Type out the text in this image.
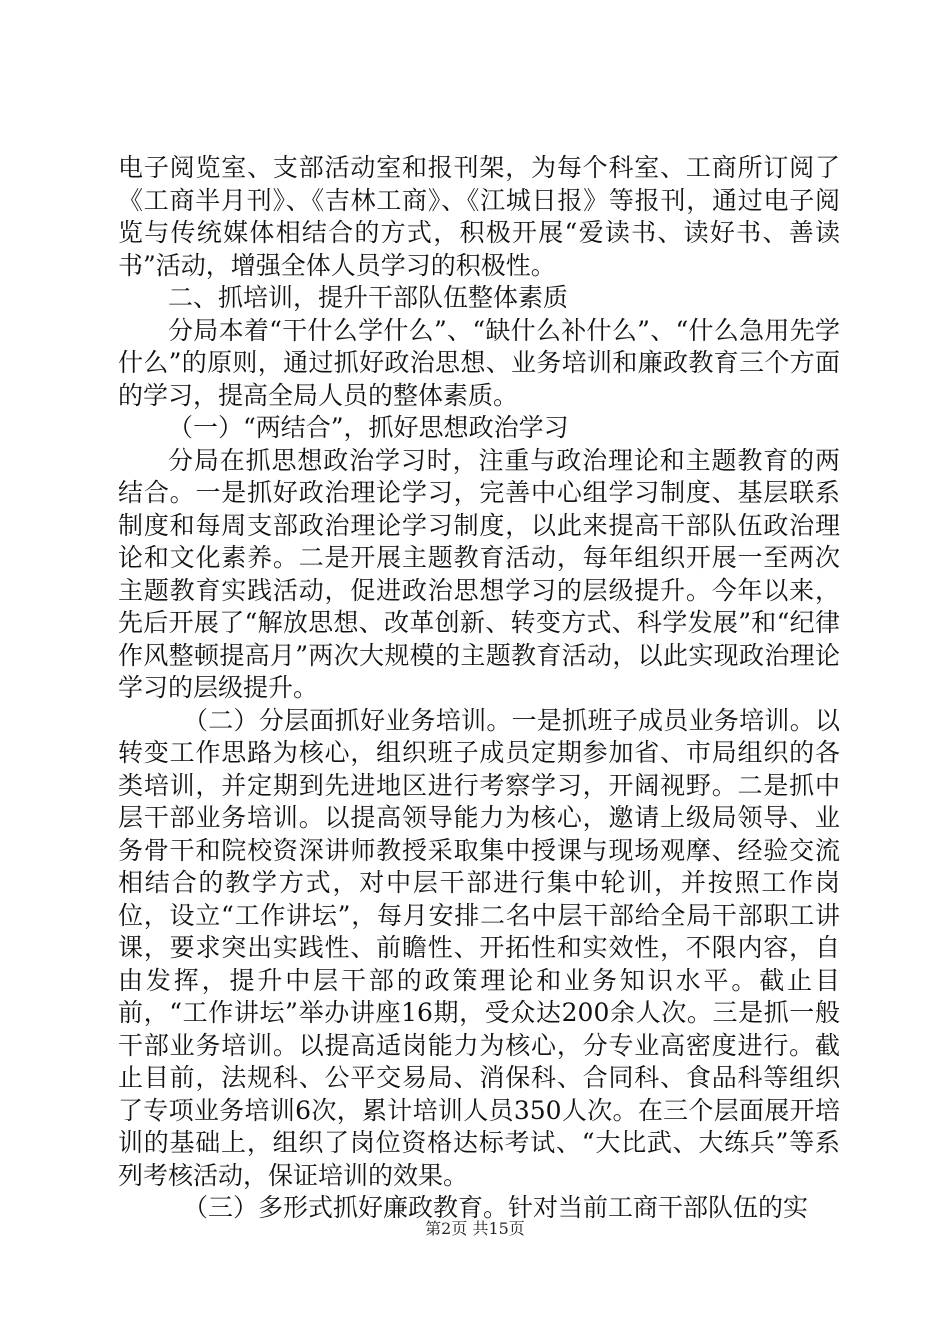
电子阅览室、支部活动室和报刊架，为每个科室、工商所订阅了《工商半月刊》、《吉林工商》、《江城日报》等报刊，通过电子阅览与传统媒体相结合的方式，积极开展“爱读书、读好书、善读书”活动，增强全体人员学习的积极性。

二、抓培训，提升干部队伍整体素质

分局本着“干什么学什么”、“缺什么补什么”、“什么急用先学什么”的原则，通过抓好政治思想、业务培训和廉政教育三个方面的学习，提高全局人员的整体素质。

（一）“两结合”，抓好思想政治学习

分局在抓思想政治学习时，注重与政治理论和主题教育的两结合。一是抓好政治理论学习，完善中心组学习制度、基层联系制度和每周支部政治理论学习制度，以此来提高干部队伍政治理论和文化素养。二是开展主题教育活动，每年组织开展一至两次主题教育实践活动，促进政治思想学习的层级提升。今年以来，先后开展了“解放思想、改革创新、转变方式、科学发展”和“纪律作风整顿提高月”两次大规模的主题教育活动，以此实现政治理论学习的层级提升。

（二）分层面抓好业务培训。一是抓班子成员业务培训。以转变工作思路为核心，组织班子成员定期参加省、市局组织的各类培训，并定期到先进地区进行考察学习，开阔视野。二是抓中层干部业务培训。以提高领导能力为核心，邀请上级局领导、业务骨干和院校资深讲师教授采取集中授课与现场观摩、经验交流相结合的教学方式，对中层干部进行集中轮训，并按照工作岗位，设立“工作讲坛”，每月安排二名中层干部给全局干部职工讲课，要求突出实践性、前瞻性、开拓性和实效性，不限内容，自由发挥，提升中层干部的政策理论和业务知识水平。截止目前，“工作讲坛”举办讲座16期，受众达200余人次。三是抓一般干部业务培训。以提高适岗能力为核心，分专业高密度进行。截止目前，法规科、公平交易局、消保科、合同科、食品科等组织了专项业务培训6次，累计培训人员350人次。在三个层面展开培训的基础上，组织了岗位资格达标考试、“大比武、大练兵”等系列考核活动，保证培训的效果。

（三）多形式抓好廉政教育。针对当前工商干部队伍的实

第2页 共15页
